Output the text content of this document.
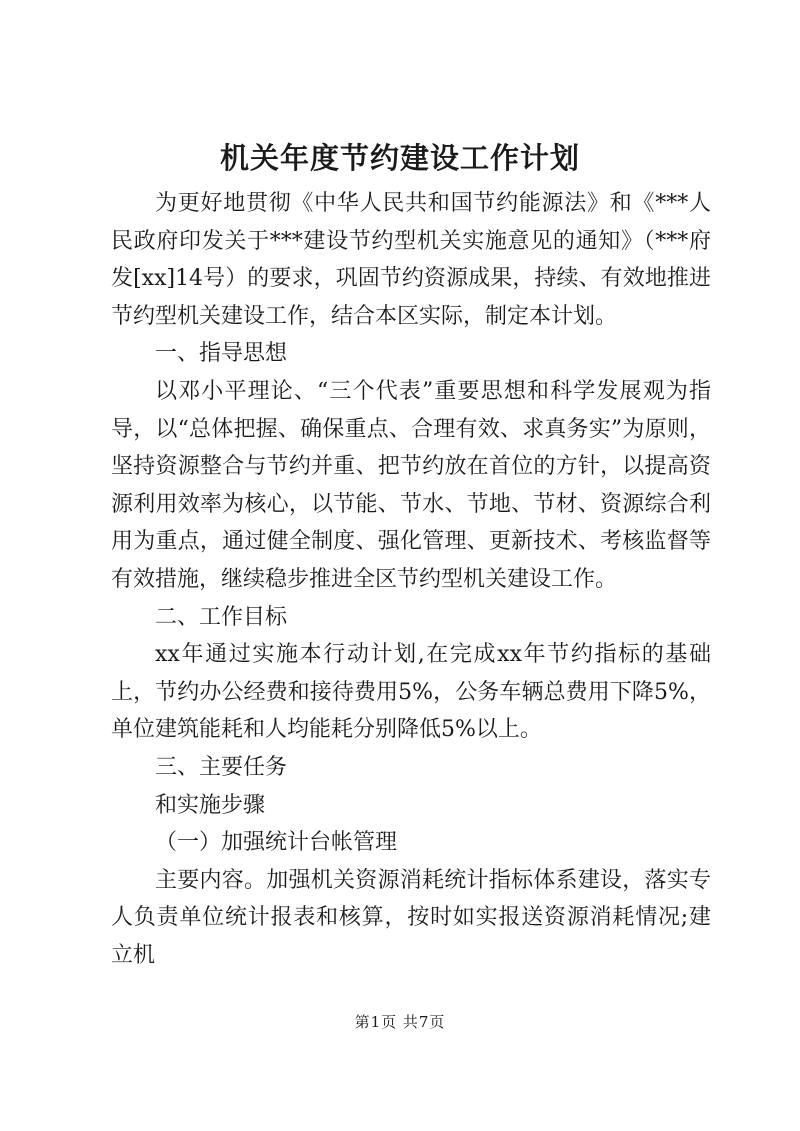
机关年度节约建设工作计划

为更好地贯彻《中华人民共和国节约能源法》和《***人民政府印发关于***建设节约型机关实施意见的通知》（***府发[xx]14号）的要求，巩固节约资源成果，持续、有效地推进节约型机关建设工作，结合本区实际，制定本计划。

一、指导思想

以邓小平理论、“三个代表”重要思想和科学发展观为指导，以“总体把握、确保重点、合理有效、求真务实”为原则，坚持资源整合与节约并重、把节约放在首位的方针，以提高资源利用效率为核心，以节能、节水、节地、节材、资源综合利用为重点，通过健全制度、强化管理、更新技术、考核监督等有效措施，继续稳步推进全区节约型机关建设工作。

二、工作目标

xx年通过实施本行动计划,在完成xx年节约指标的基础上，节约办公经费和接待费用5%，公务车辆总费用下降5%，单位建筑能耗和人均能耗分别降低5%以上。

三、主要任务

和实施步骤

（一）加强统计台帐管理

主要内容。加强机关资源消耗统计指标体系建设，落实专人负责单位统计报表和核算，按时如实报送资源消耗情况;建立机

第1页 共7页
